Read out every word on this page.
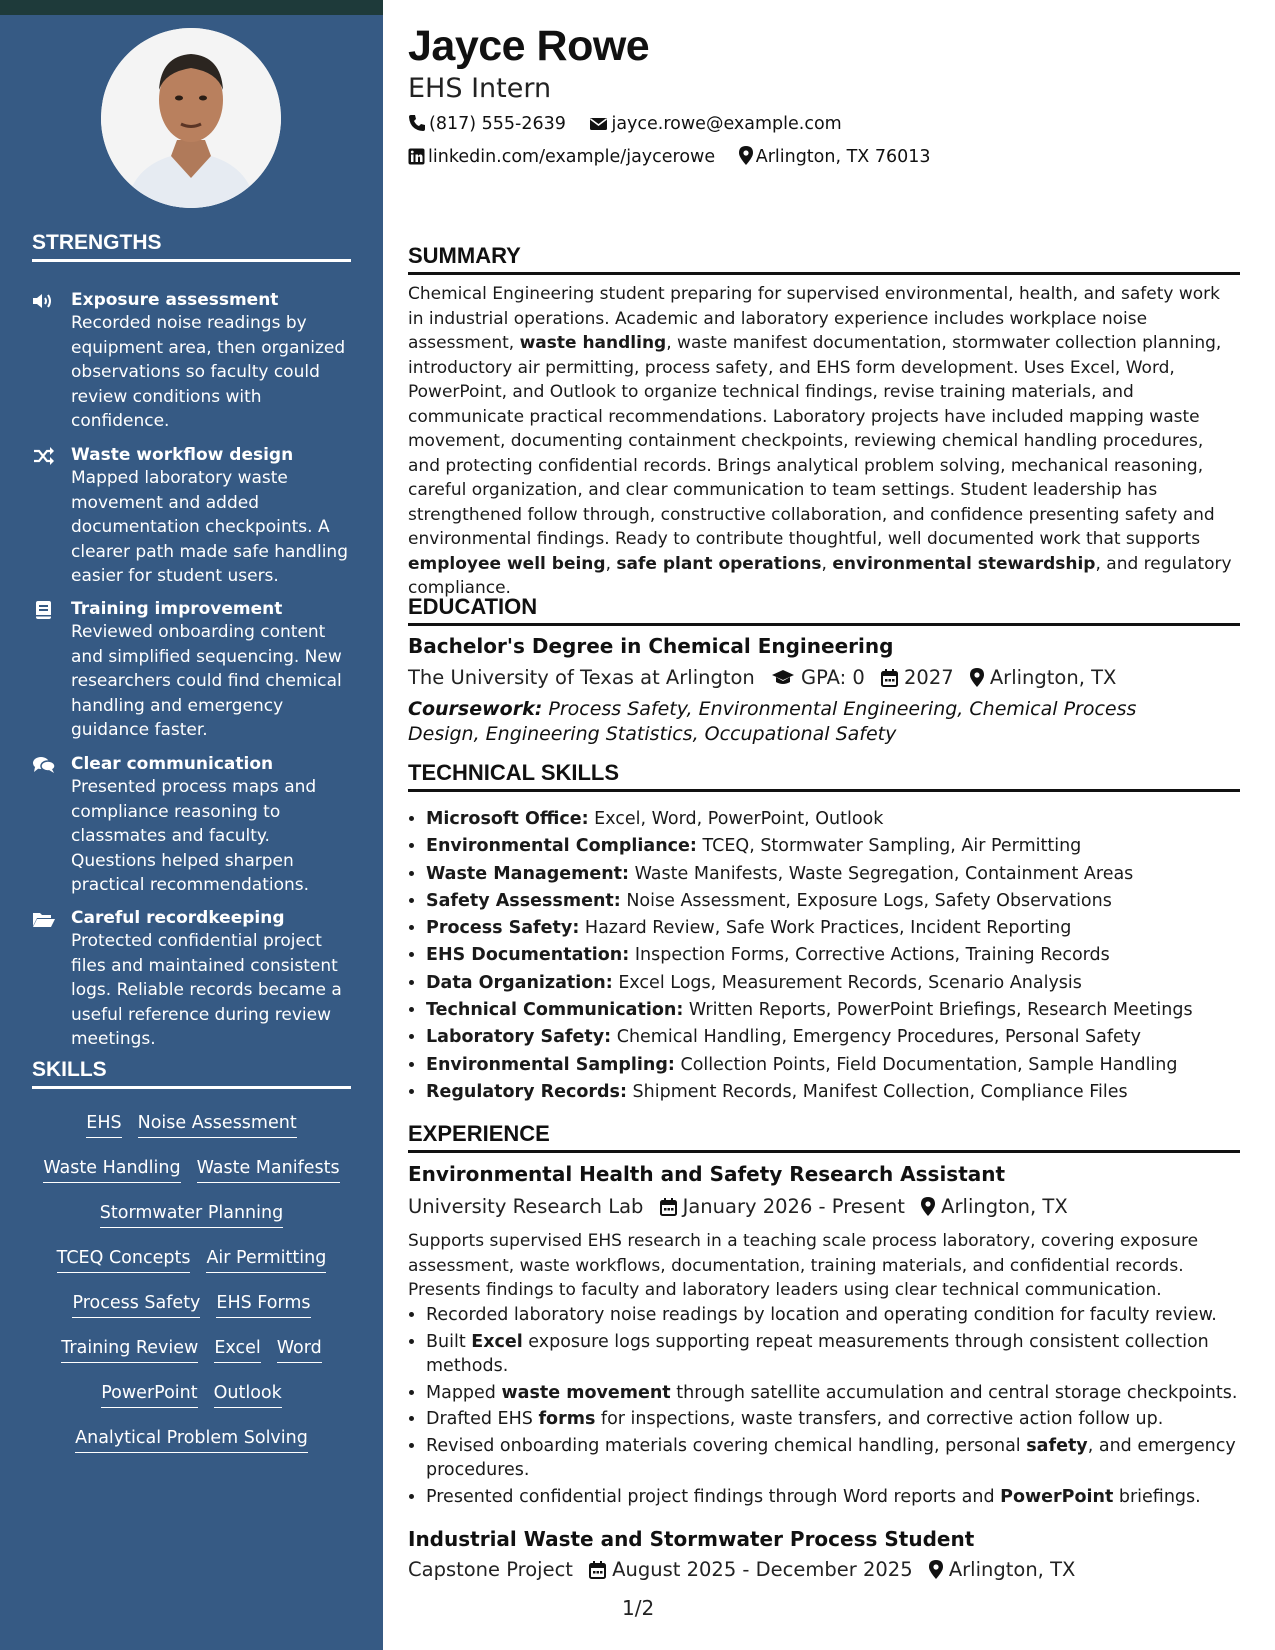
STRENGTHS
Exposure assessment
Recorded noise readings by equipment area, then organized observations so faculty could review conditions with confidence.
Waste workflow design
Mapped laboratory waste movement and added documentation checkpoints. A clearer path made safe handling easier for student users.
Training improvement
Reviewed onboarding content and simplified sequencing. New researchers could find chemical handling and emergency guidance faster.
Clear communication
Presented process maps and compliance reasoning to classmates and faculty. Questions helped sharpen practical recommendations.
Careful recordkeeping
Protected confidential project files and maintained consistent logs. Reliable records became a useful reference during review meetings.
SKILLS
EHS Noise Assessment
Waste Handling Waste Manifests
Stormwater Planning
TCEQ Concepts Air Permitting
Process Safety EHS Forms
Training Review Excel Word
PowerPoint Outlook
Analytical Problem Solving
Jayce Rowe
EHS Intern
(817) 555-2639	jayce.rowe@example.com
linkedin.com/example/jaycerowe Arlington, TX 76013
SUMMARY
Chemical Engineering student preparing for supervised environmental, health, and safety work in industrial operations. Academic and laboratory experience includes workplace noise assessment, waste handling, waste manifest documentation, stormwater collection planning, introductory air permitting, process safety, and EHS form development. Uses Excel, Word, PowerPoint, and Outlook to organize technical findings, revise training materials, and communicate practical recommendations. Laboratory projects have included mapping waste movement, documenting containment checkpoints, reviewing chemical handling procedures, and protecting confidential records. Brings analytical problem solving, mechanical reasoning, careful organization, and clear communication to team settings. Student leadership has strengthened follow through, constructive collaboration, and confidence presenting safety and environmental findings. Ready to contribute thoughtful, well documented work that supports employee well being, safe plant operations, environmental stewardship, and regulatory compliance.
EDUCATION
Bachelor's Degree in Chemical Engineering
The University of Texas at Arlington GPA: 0 2027 Arlington, TX
Coursework: Process Safety, Environmental Engineering, Chemical Process Design, Engineering Statistics, Occupational Safety
TECHNICAL SKILLS
• Microsoft Office: Excel, Word, PowerPoint, Outlook
• Environmental Compliance: TCEQ, Stormwater Sampling, Air Permitting
• Waste Management: Waste Manifests, Waste Segregation, Containment Areas
• Safety Assessment: Noise Assessment, Exposure Logs, Safety Observations
• Process Safety: Hazard Review, Safe Work Practices, Incident Reporting
• EHS Documentation: Inspection Forms, Corrective Actions, Training Records
• Data Organization: Excel Logs, Measurement Records, Scenario Analysis
• Technical Communication: Written Reports, PowerPoint Briefings, Research Meetings
• Laboratory Safety: Chemical Handling, Emergency Procedures, Personal Safety
• Environmental Sampling: Collection Points, Field Documentation, Sample Handling
• Regulatory Records: Shipment Records, Manifest Collection, Compliance Files
EXPERIENCE
Environmental Health and Safety Research Assistant
University Research Lab January 2026 - Present Arlington, TX
Supports supervised EHS research in a teaching scale process laboratory, covering exposure assessment, waste workflows, documentation, training materials, and confidential records. Presents findings to faculty and laboratory leaders using clear technical communication.
• Recorded laboratory noise readings by location and operating condition for faculty review.
• Built Excel exposure logs supporting repeat measurements through consistent collection methods.
• Mapped waste movement through satellite accumulation and central storage checkpoints.
• Drafted EHS forms for inspections, waste transfers, and corrective action follow up.
• Revised onboarding materials covering chemical handling, personal safety, and emergency procedures.
• Presented confidential project findings through Word reports and PowerPoint briefings.
Industrial Waste and Stormwater Process Student
Capstone Project August 2025 - December 2025 Arlington, TX
1/2
